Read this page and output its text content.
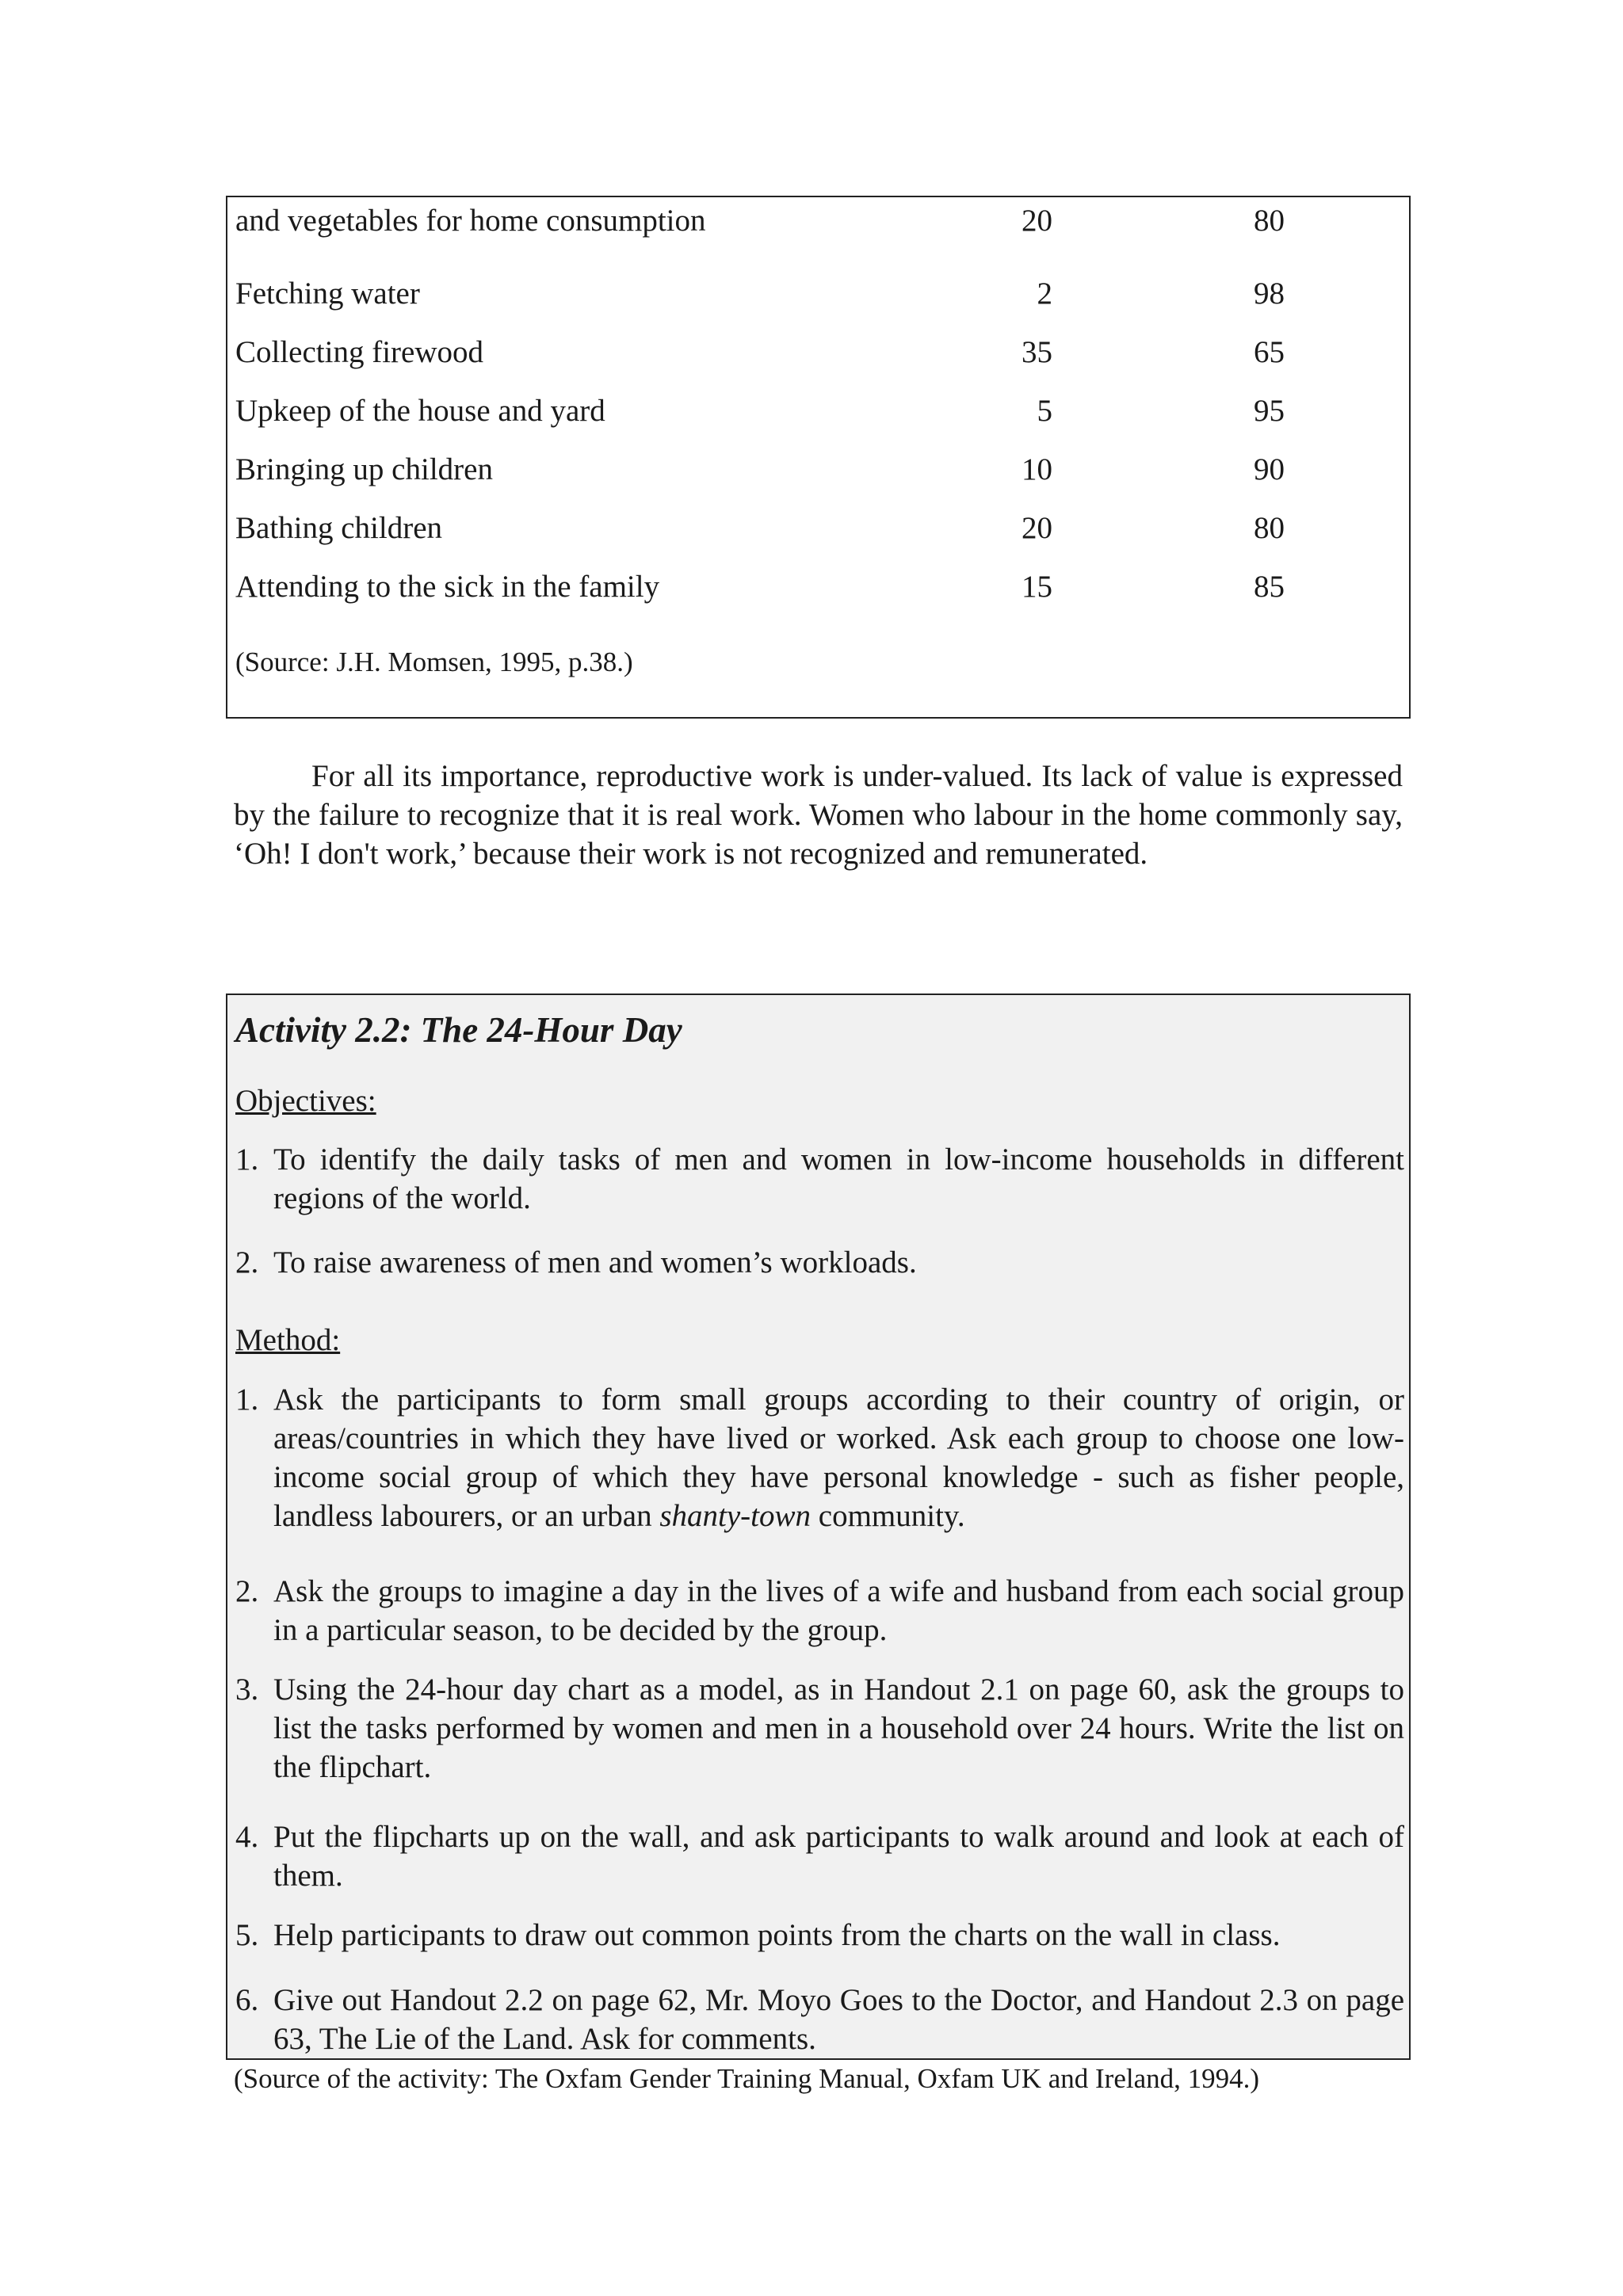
and vegetables for home consumption	20	80
Fetching water	2	98
Collecting firewood	35	65
Upkeep of the house and yard	5	95
Bringing up children	10	90
Bathing children	20	80
Attending to the sick in the family	15	85
(Source: J.H. Momsen, 1995, p.38.)

For all its importance, reproductive work is under-valued. Its lack of value is expressed by the failure to recognize that it is real work. Women who labour in the home commonly say, ‘Oh! I don't work,’ because their work is not recognized and remunerated.

Activity 2.2: The 24-Hour Day
Objectives:
1. To identify the daily tasks of men and women in low-income households in different regions of the world.
2. To raise awareness of men and women’s workloads.
Method:
1. Ask the participants to form small groups according to their country of origin, or areas/countries in which they have lived or worked. Ask each group to choose one low-income social group of which they have personal knowledge - such as fisher people, landless labourers, or an urban shanty-town community.
2. Ask the groups to imagine a day in the lives of a wife and husband from each social group in a particular season, to be decided by the group.
3. Using the 24-hour day chart as a model, as in Handout 2.1 on page 60, ask the groups to list the tasks performed by women and men in a household over 24 hours. Write the list on the flipchart.
4. Put the flipcharts up on the wall, and ask participants to walk around and look at each of them.
5. Help participants to draw out common points from the charts on the wall in class.
6. Give out Handout 2.2 on page 62, Mr. Moyo Goes to the Doctor, and Handout 2.3 on page 63, The Lie of the Land. Ask for comments.
(Source of the activity: The Oxfam Gender Training Manual, Oxfam UK and Ireland, 1994.)
